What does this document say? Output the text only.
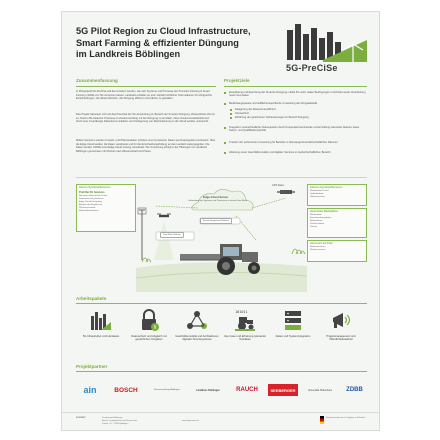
5G Pilot Region zu Cloud Infrastructure,
Smart Farming & effizienter Düngung
im Landkreis Böblingen
5G-PreCiSe
Zusammenfassung
In Pilotprojekt 5G-PreCiSe soll demonstriert werden, wie sich Systeme und Prozesse der Precision Farming & Smart Farming mithilfe von 5G vernetzen lassen. Landwirte erhalten so eine Vielzahl nützlicher Informationen für erfolgreiche Entscheidungen, die darauf abzielen, die Düngung effizient und präzise zu gestalten.
Das Projekt fokussiert sich auf das Potenzial der 5G-Anwendung im Bereich der Smarten Düngung. Wesentliches Ziel ist es, Nutzen 5G-basierter Prozesse im Zusammenhang mit der Düngung zu ermitteln. Neue Zusammenarbeitsformen durch eine zuverlässige Datenkommunikation und Verlagerung von Rechenleistung in die Cloud werden untersucht.
Mittels Sensoren werden Umwelt- und Pflanzendaten erhoben und mit weiteren Daten aus Datenquellen kombiniert. Über die Edge-Cloud werden die Daten verarbeitet und für die Entscheidungsfindung an den Landwirt weitergegeben. Die Daten werden mithilfe einer Edge-Cloud Lösung verarbeitet. Die Umsetzung erfolgt in der Pilotregion im Landkreis Böblingen gemeinsam mit Partnern aus Wissenschaft und Praxis.
Projektziele
Entwicklung und Erprobung der Smarten Düngung mittels 5G unter realen Bedingungen in Echtzeit sowie Verarbeitung neuer Geo-Daten
Bedarfsangepasste und teilflächenspezifische Umsetzung der Düngeaktivität
Steigerung der Ressourceneffizienz
Klimaschutz
Erhöhung der gesicherten Verbesserungen im Bereich Düngung
Integration unterschiedlicher Datenquellen durch Kooperationsnetzwerke und Ermittlung relevanter Akteure sowie Nutzer- und Qualifikationsprofile
Transfer der technischen Umsetzung für Betriebe in überwiegend landwirtschaftlichen Räumen
Ableitung neuer Geschäftsmodelle und digitaler Services im landwirtschaftlichen Bereich
Interne Systeme/Services
PreCiSe 5G Services
Sensoren überwachen Daten
Datenerfassung Drohnen
Edge-Cloud-Computing
Analyse der Ergebnisse
Pflanzenzustand
Bodeninformationen
Externe Systeme/Services
Wetterdaten-Portal
Geländedaten
Pflanzenschutz
Open Data Marktplätze
Wetterdaten
Fernerkundungsdaten
Bodenkarten
Verkehrsdaten
Partner
Sensoren am Feld
Bodensensoren
Wettersensoren
Edge-Cloud Server
Verbindung der Systeme und Prozessen in einem Data Mesh
Sensor-Integrations-Plattform
Data Mesh Platform
GPS Daten
Arbeitspakete
5G Infrastruktur und Hardware
§
Datenschutz und Abgleich mit gesetzlichen Vorgaben
Geschäftsmodelle und Architekturen digitaler Servicesysteme
101011
Use Case und Erhebung relevanter Testdaten
Daten und Systemintegration	Projektmanagement und Öffentlichkeitsarbeit
Projektpartner
ain	BOSCH	Kreisverwaltung Böblingen	Landkreis Böblingen	RAUCH	SEEBERGER	Universität Hohenheim	ZDBB
KONTAKT	Landratsamt Böblingen
Amt für Landwirtschaft und Naturschutz
Parkstr. 16 · 71034 Böblingen
www.5g-precise.de
Bundesministerium für Digitales und Verkehr
